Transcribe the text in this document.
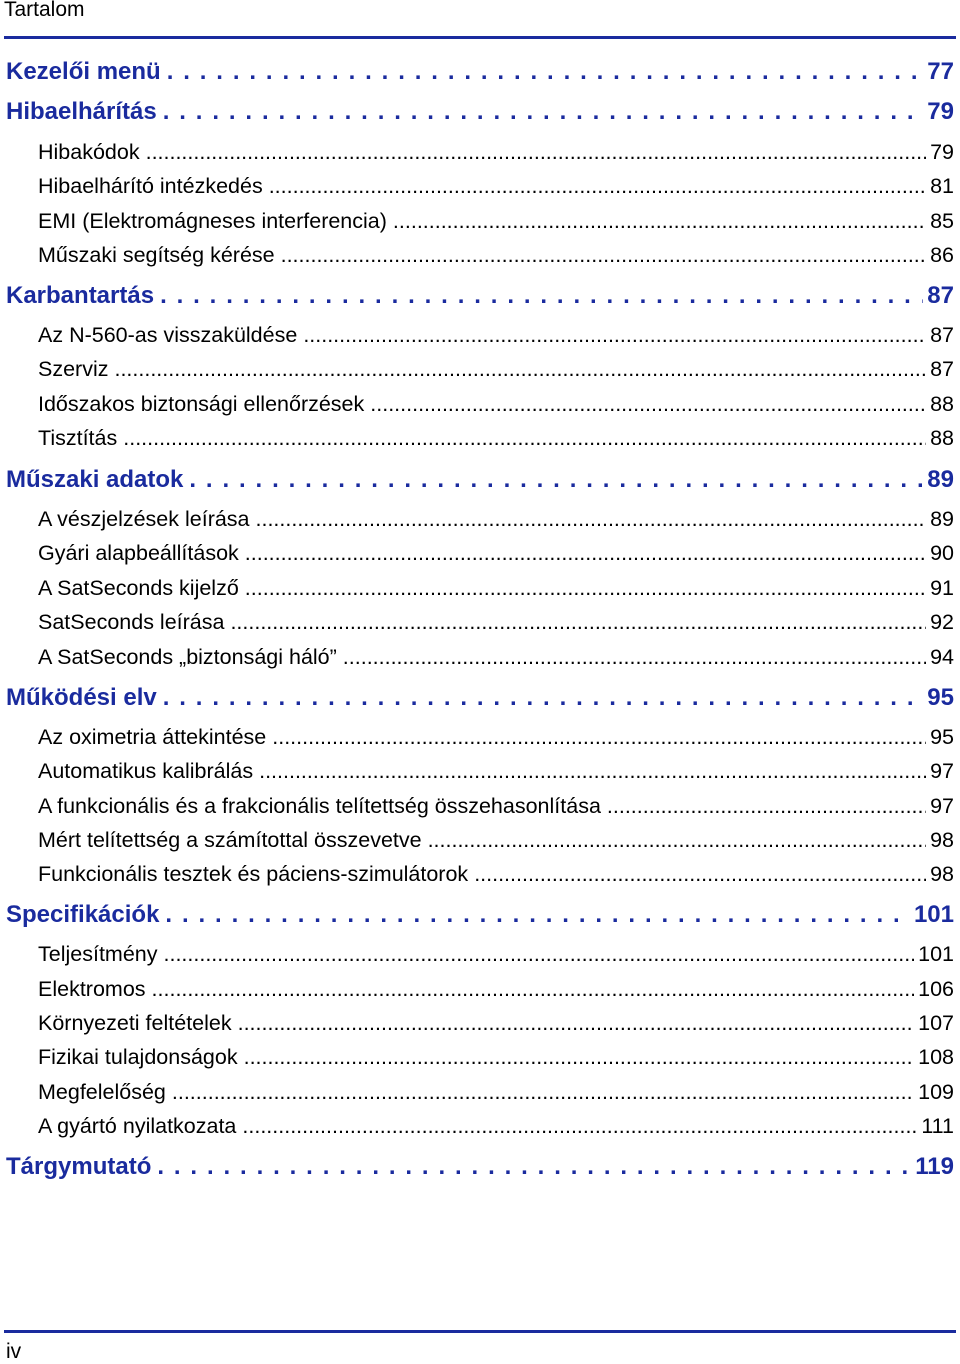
Tartalom
Kezelői menü . . .	77
Hibaelhárítás . . .	79
Hibakódok .....	79
Hibaelhárító intézkedés .....	81
EMI (Elektromágneses interferencia) .....	85
Műszaki segítség kérése .....	86
Karbantartás . . .	87
Az N-560-as visszaküldése .....	87
Szerviz .....	87
Időszakos biztonsági ellenőrzések .....	88
Tisztítás .....	88
Műszaki adatok . . .	89
A vészjelzések leírása .....	89
Gyári alapbeállítások .....	90
A SatSeconds kijelző .....	91
SatSeconds leírása .....	92
A SatSeconds „biztonsági háló” .....	94
Működési elv . . .	95
Az oximetria áttekintése .....	95
Automatikus kalibrálás .....	97
A funkcionális és a frakcionális telítettség összehasonlítása .....	97
Mért telítettség a számítottal összevetve .....	98
Funkcionális tesztek és páciens-szimulátorok .....	98
Specifikációk . . .	101
Teljesítmény .....	101
Elektromos .....	106
Környezeti feltételek .....	107
Fizikai tulajdonságok .....	108
Megfelelőség .....	109
A gyártó nyilatkozata .....	111
Tárgymutató . . .	119
iv
